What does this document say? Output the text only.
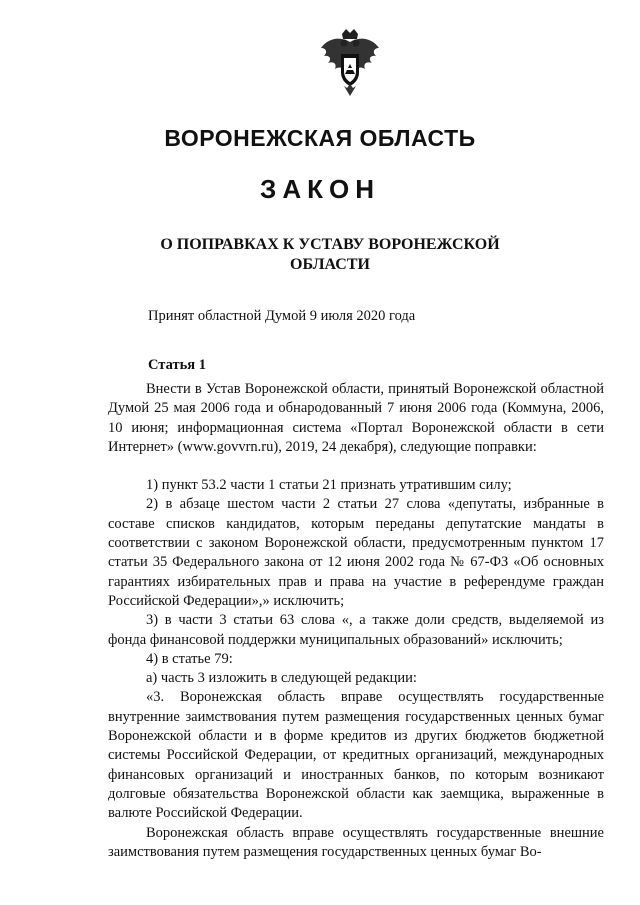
ВОРОНЕЖСКАЯ ОБЛАСТЬ
ЗАКОН
О ПОПРАВКАХ К УСТАВУ ВОРОНЕЖСКОЙ
ОБЛАСТИ
Принят областной Думой 9 июля 2020 года
Статья 1

Внести в Устав Воронежской области, принятый Воронежской областной Думой 25 мая 2006 года и обнародованный 7 июня 2006 года (Коммуна, 2006, 10 июня; информационная система «Портал Воронежской области в сети Интернет» (www.govvrn.ru), 2019, 24 декабря), следующие поправки:

1) пункт 53.2 части 1 статьи 21 признать утратившим силу;

2) в абзаце шестом части 2 статьи 27 слова «депутаты, избранные в составе списков кандидатов, которым переданы депутатские мандаты в соответствии с законом Воронежской области, предусмотренным пунктом 17 статьи 35 Федерального закона от 12 июня 2002 года № 67-ФЗ «Об основных гарантиях избирательных прав и права на участие в референдуме граждан Российской Федерации»,» исключить;

3) в части 3 статьи 63 слова «, а также доли средств, выделяемой из фонда финансовой поддержки муниципальных образований» исключить;

4) в статье 79:

а) часть 3 изложить в следующей редакции:

«3. Воронежская область вправе осуществлять государственные внутренние заимствования путем размещения государственных ценных бумаг Воронежской области и в форме кредитов из других бюджетов бюджетной системы Российской Федерации, от кредитных организаций, международных финансовых организаций и иностранных банков, по которым возникают долговые обязательства Воронежской области как заемщика, выраженные в валюте Российской Федерации.

Воронежская область вправе осуществлять государственные внешние заимствования путем размещения государственных ценных бумаг Во-
